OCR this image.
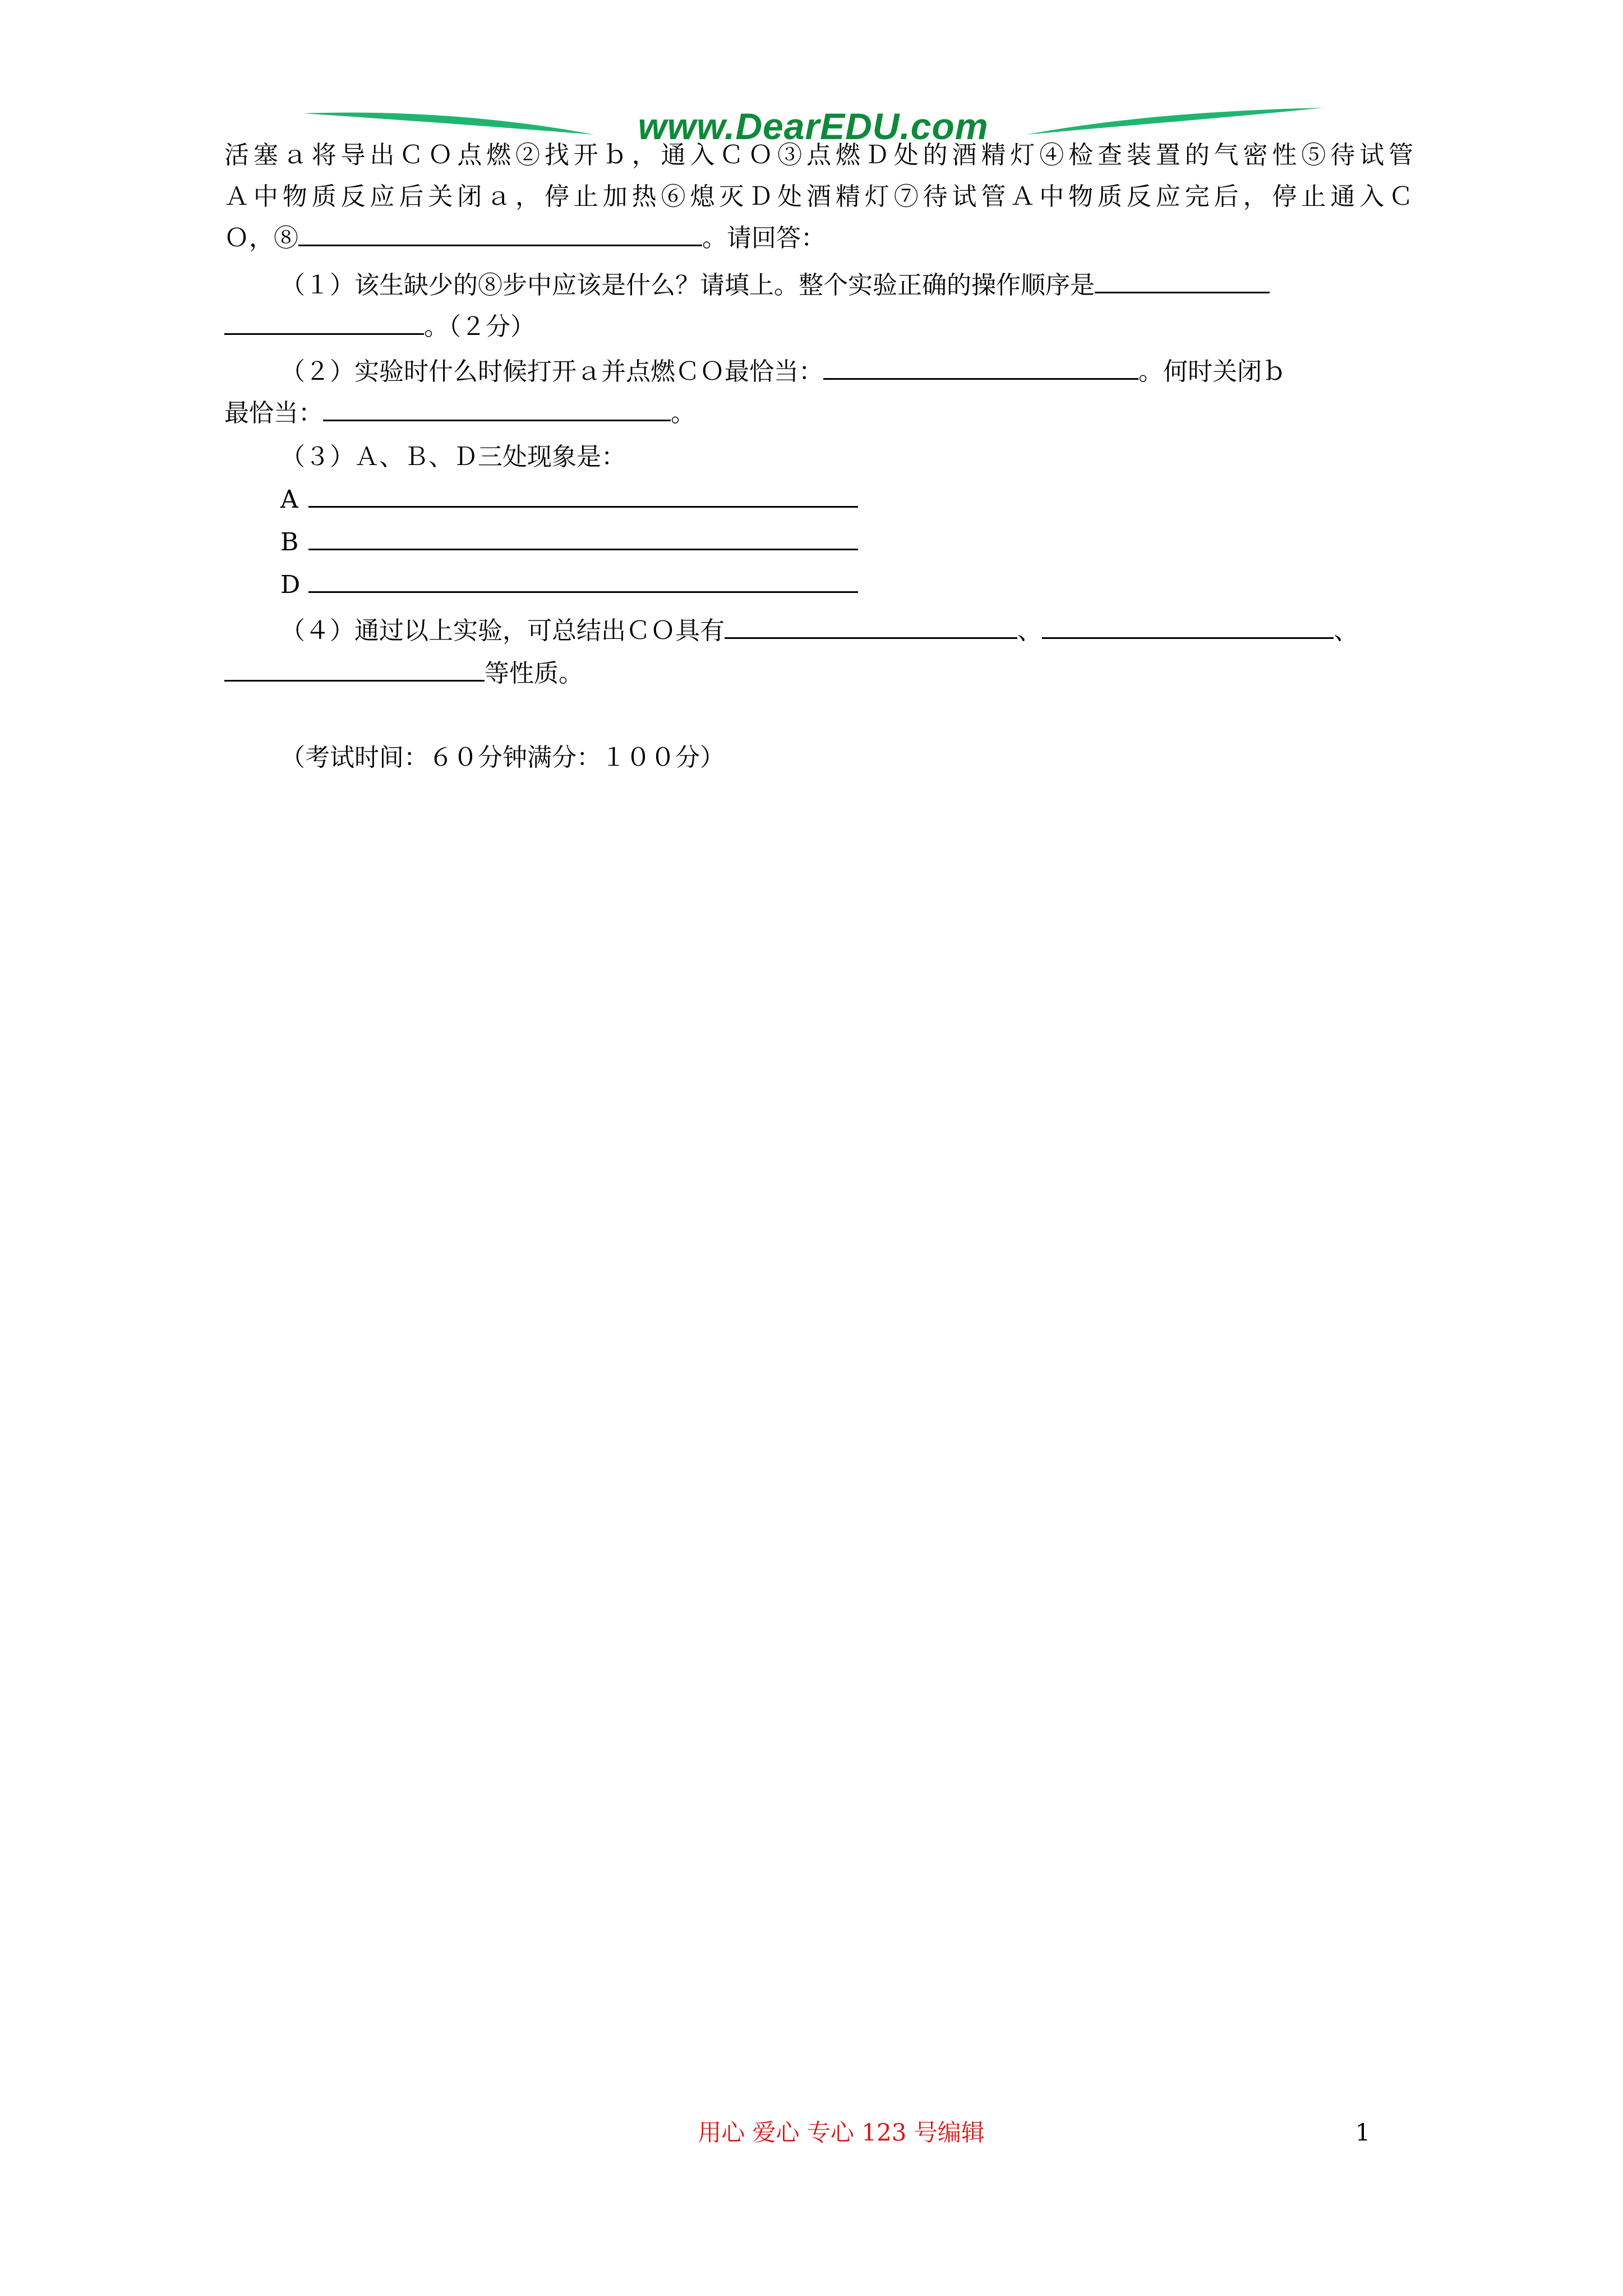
www.DearEDU.com
活塞ａ将导出ＣＯ点燃②找开ｂ，通入ＣＯ③点燃Ｄ处的酒精灯④检查装置的气密性⑤待试管
Ａ中物质反应后关闭ａ，停止加热⑥熄灭Ｄ处酒精灯⑦待试管Ａ中物质反应完后，停止通入Ｃ
Ｏ，⑧	。请回答：
（１）该生缺少的⑧步中应该是什么？请填上。整个实验正确的操作顺序是
。（２分）
（２）实验时什么时候打开ａ并点燃ＣＯ最恰当：	。何时关闭ｂ
最恰当：	。
（３）Ａ、Ｂ、Ｄ三处现象是：
A
B
D
（４）通过以上实验，可总结出ＣＯ具有	、	、
等性质。
（考试时间：６０分钟满分：１００分）
用心 爱心 专心 123 号编辑	1
